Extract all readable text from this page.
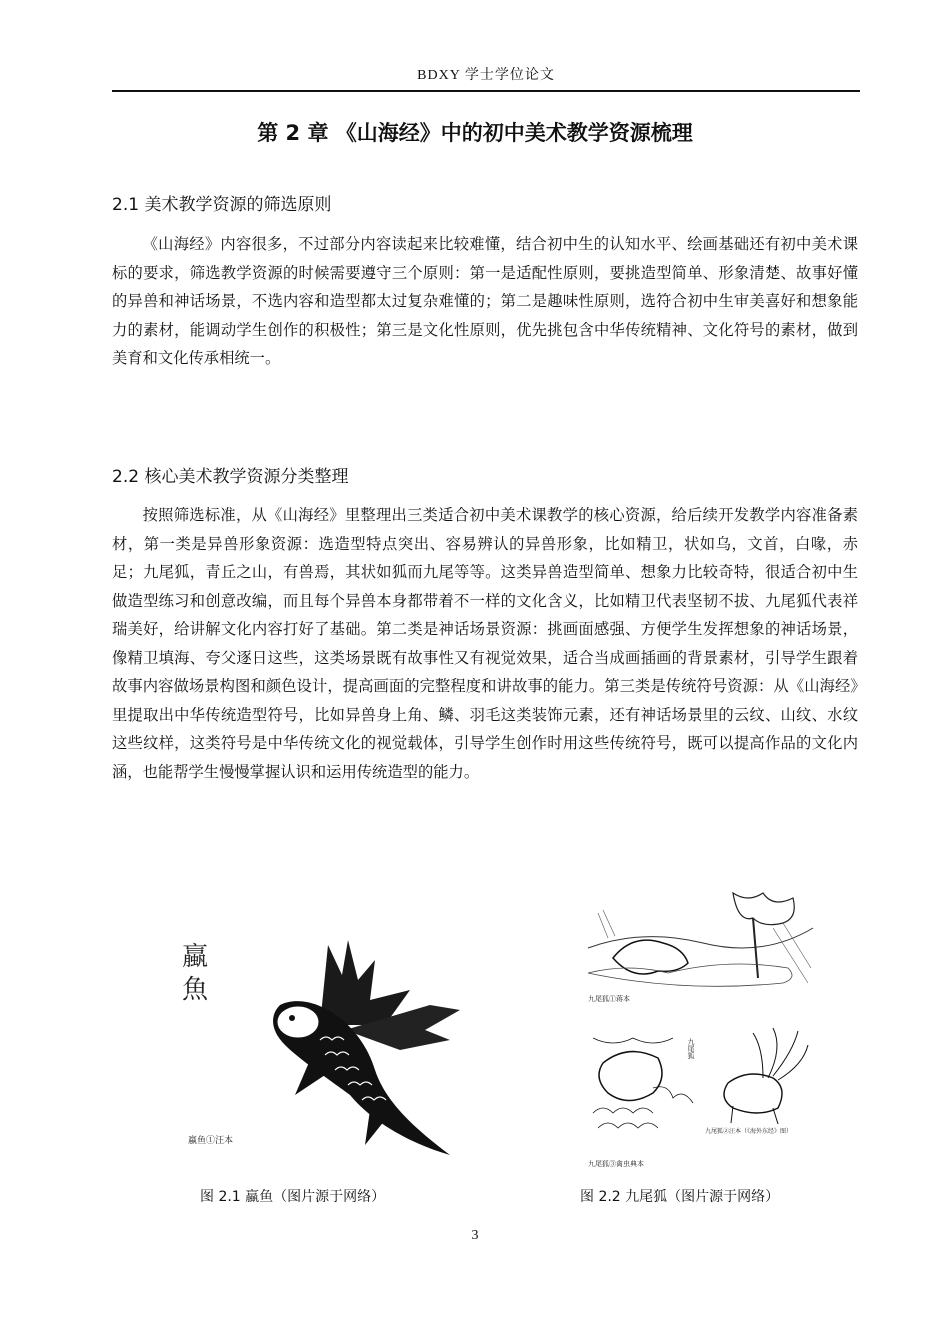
BDXY 学士学位论文
第 2 章 《山海经》中的初中美术教学资源梳理
2.1 美术教学资源的筛选原则

《山海经》内容很多，不过部分内容读起来比较难懂，结合初中生的认知水平、绘画基础还有初中美术课标的要求，筛选教学资源的时候需要遵守三个原则：第一是适配性原则，要挑造型简单、形象清楚、故事好懂的异兽和神话场景，不选内容和造型都太过复杂难懂的；第二是趣味性原则，选符合初中生审美喜好和想象能力的素材，能调动学生创作的积极性；第三是文化性原则，优先挑包含中华传统精神、文化符号的素材，做到美育和文化传承相统一。

2.2 核心美术教学资源分类整理

按照筛选标准，从《山海经》里整理出三类适合初中美术课教学的核心资源，给后续开发教学内容准备素材，第一类是异兽形象资源：选造型特点突出、容易辨认的异兽形象，比如精卫，状如乌，文首，白喙，赤足；九尾狐，青丘之山，有兽焉，其状如狐而九尾等等。这类异兽造型简单、想象力比较奇特，很适合初中生做造型练习和创意改编，而且每个异兽本身都带着不一样的文化含义，比如精卫代表坚韧不拔、九尾狐代表祥瑞美好，给讲解文化内容打好了基础。第二类是神话场景资源：挑画面感强、方便学生发挥想象的神话场景，像精卫填海、夸父逐日这些，这类场景既有故事性又有视觉效果，适合当成画插画的背景素材，引导学生跟着故事内容做场景构图和颜色设计，提高画面的完整程度和讲故事的能力。第三类是传统符号资源：从《山海经》里提取出中华传统造型符号，比如异兽身上角、鳞、羽毛这类装饰元素，还有神话场景里的云纹、山纹、水纹这些纹样，这类符号是中华传统文化的视觉载体，引导学生创作时用这些传统符号，既可以提高作品的文化内涵，也能帮学生慢慢掌握认识和运用传统造型的能力。

蠃
魚
蠃鱼①汪本
图 2.1 蠃鱼（图片源于网络）
九尾狐①蒋本
九尾狐
九尾狐③禽虫典本
九尾狐②汪本（《海外东经》图）
图 2.2 九尾狐（图片源于网络）
3
